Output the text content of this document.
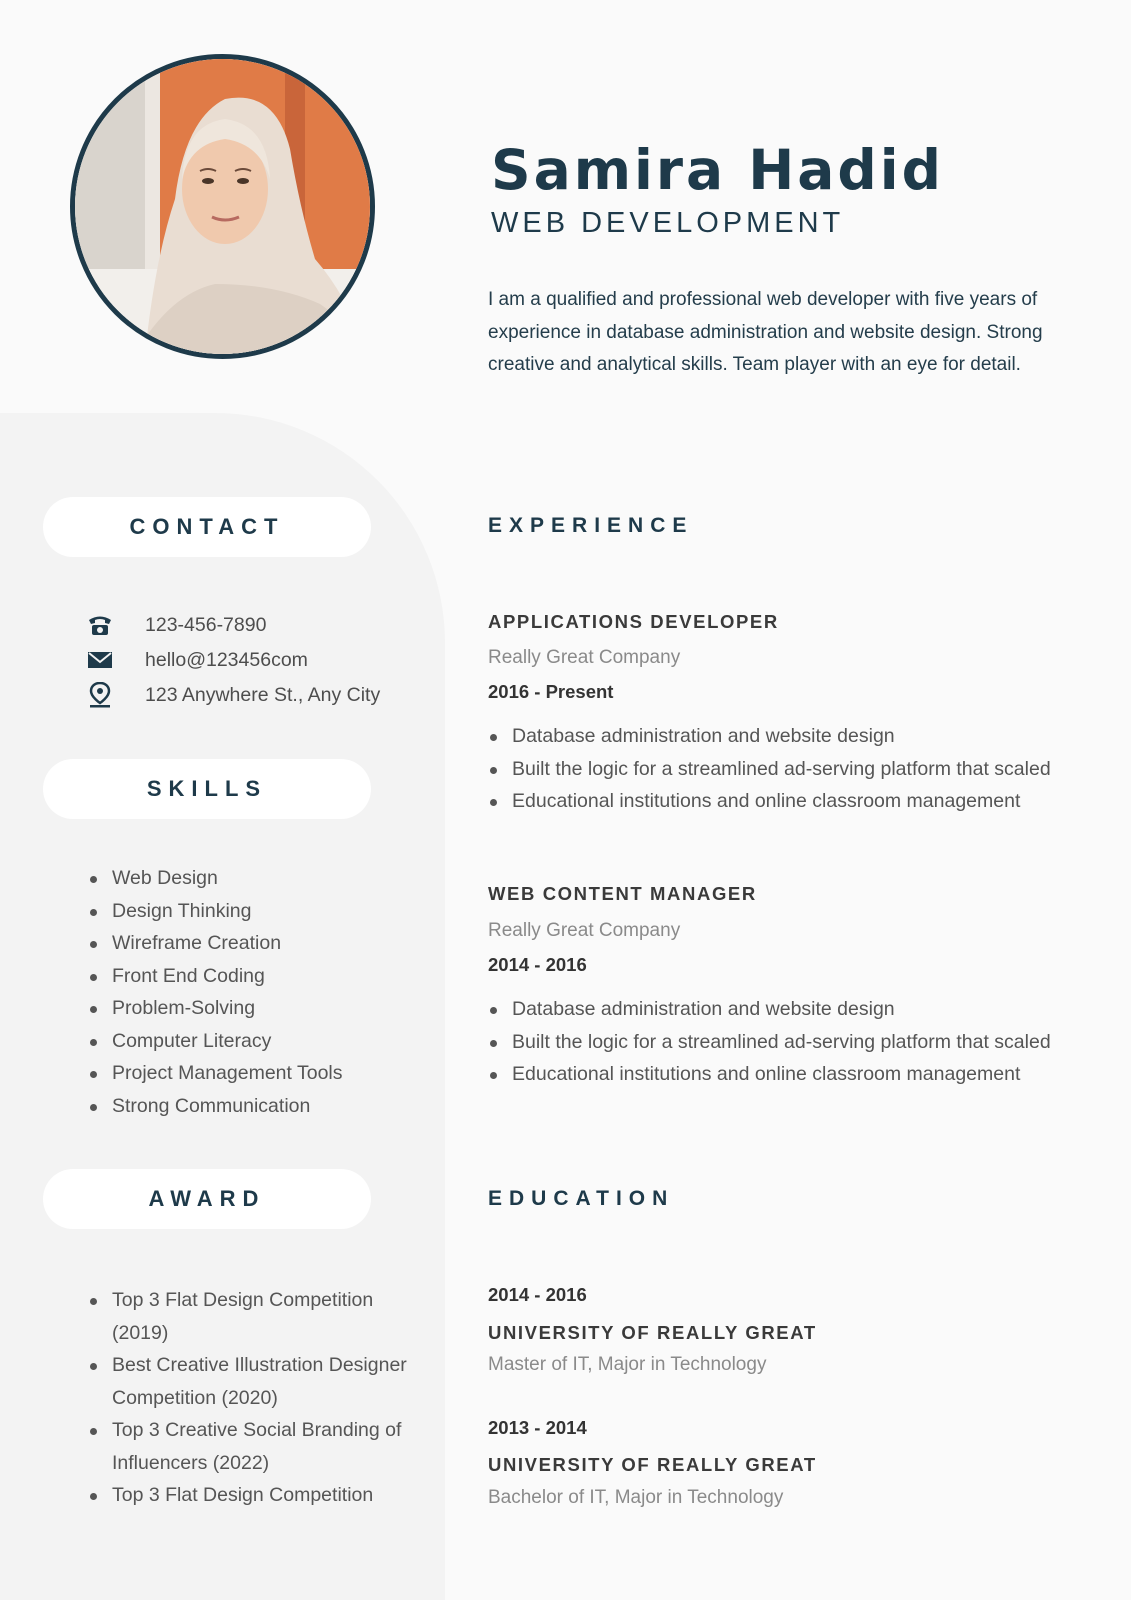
Samira Hadid
WEB DEVELOPMENT

I am a qualified and professional web developer with five years of experience in database administration and website design. Strong creative and analytical skills. Team player with an eye for detail.

CONTACT
123-456-7890
hello@123456com
123 Anywhere St., Any City
SKILLS
Web Design
Design Thinking
Wireframe Creation
Front End Coding
Problem-Solving
Computer Literacy
Project Management Tools
Strong Communication
AWARD
Top 3 Flat Design Competition (2019)
Best Creative Illustration Designer Competition (2020)
Top 3 Creative Social Branding of Influencers (2022)
Top 3 Flat Design Competition
EXPERIENCE
APPLICATIONS DEVELOPER
Really Great Company
2016 - Present
Database administration and website design
Built the logic for a streamlined ad-serving platform that scaled
Educational institutions and online classroom management
WEB CONTENT MANAGER
Really Great Company
2014 - 2016
Database administration and website design
Built the logic for a streamlined ad-serving platform that scaled
Educational institutions and online classroom management
EDUCATION
2014 - 2016
UNIVERSITY OF REALLY GREAT
Master of IT, Major in Technology
2013 - 2014
UNIVERSITY OF REALLY GREAT
Bachelor of IT, Major in Technology
